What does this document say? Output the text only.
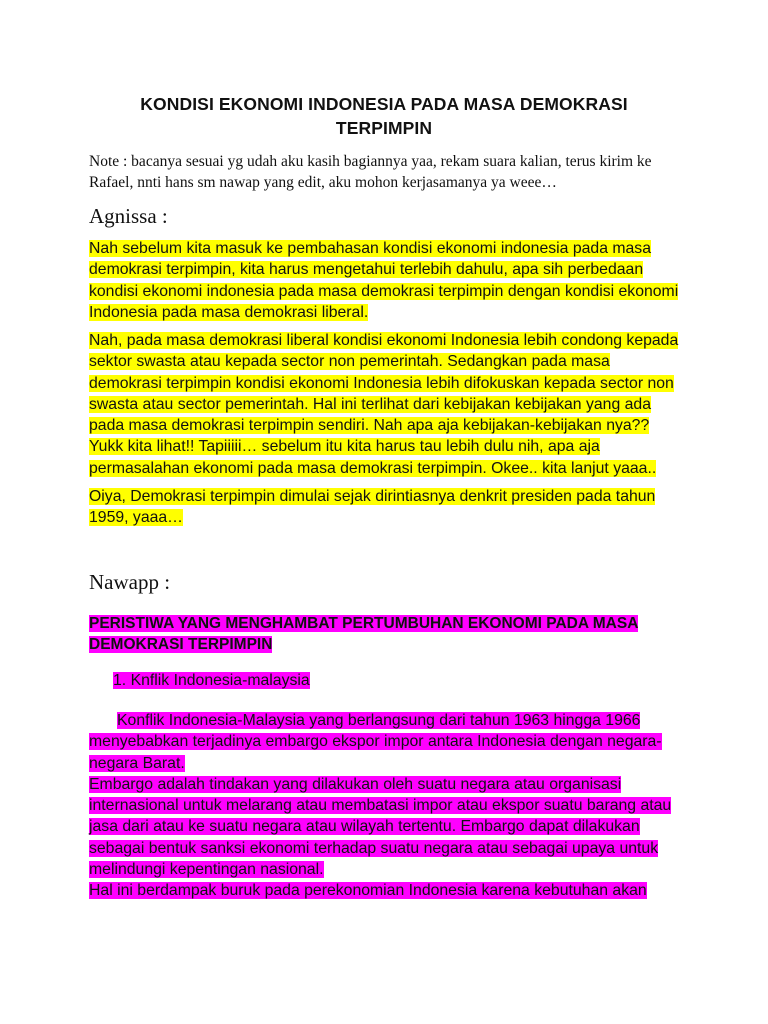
KONDISI EKONOMI INDONESIA PADA MASA DEMOKRASI TERPIMPIN
Note : bacanya sesuai yg udah aku kasih bagiannya yaa, rekam suara kalian, terus kirim ke Rafael, nnti hans sm nawap yang edit, aku mohon kerjasamanya ya weee…
Agnissa :
Nah sebelum kita masuk ke pembahasan kondisi ekonomi indonesia pada masa demokrasi terpimpin, kita harus mengetahui terlebih dahulu, apa sih perbedaan kondisi ekonomi indonesia pada masa demokrasi terpimpin dengan kondisi ekonomi Indonesia pada masa demokrasi liberal.
Nah, pada masa demokrasi liberal kondisi ekonomi Indonesia lebih condong kepada sektor swasta atau kepada sector non pemerintah. Sedangkan pada masa demokrasi terpimpin kondisi ekonomi Indonesia lebih difokuskan kepada sector non swasta atau sector pemerintah. Hal ini terlihat dari kebijakan kebijakan yang ada pada masa demokrasi terpimpin sendiri. Nah apa aja kebijakan-kebijakan nya?? Yukk kita lihat!! Tapiiiii… sebelum itu kita harus tau lebih dulu nih, apa aja permasalahan ekonomi pada masa demokrasi terpimpin. Okee.. kita lanjut yaaa..
Oiya, Demokrasi terpimpin dimulai sejak dirintiasnya denkrit presiden pada tahun 1959, yaaa…
Nawapp :
PERISTIWA YANG MENGHAMBAT PERTUMBUHAN EKONOMI PADA MASA DEMOKRASI TERPIMPIN
1. Knflik Indonesia-malaysia
Konflik Indonesia-Malaysia yang berlangsung dari tahun 1963 hingga 1966 menyebabkan terjadinya embargo ekspor impor antara Indonesia dengan negara-negara Barat.
Embargo adalah tindakan yang dilakukan oleh suatu negara atau organisasi internasional untuk melarang atau membatasi impor atau ekspor suatu barang atau jasa dari atau ke suatu negara atau wilayah tertentu. Embargo dapat dilakukan sebagai bentuk sanksi ekonomi terhadap suatu negara atau sebagai upaya untuk melindungi kepentingan nasional.
Hal ini berdampak buruk pada perekonomian Indonesia karena kebutuhan akan
